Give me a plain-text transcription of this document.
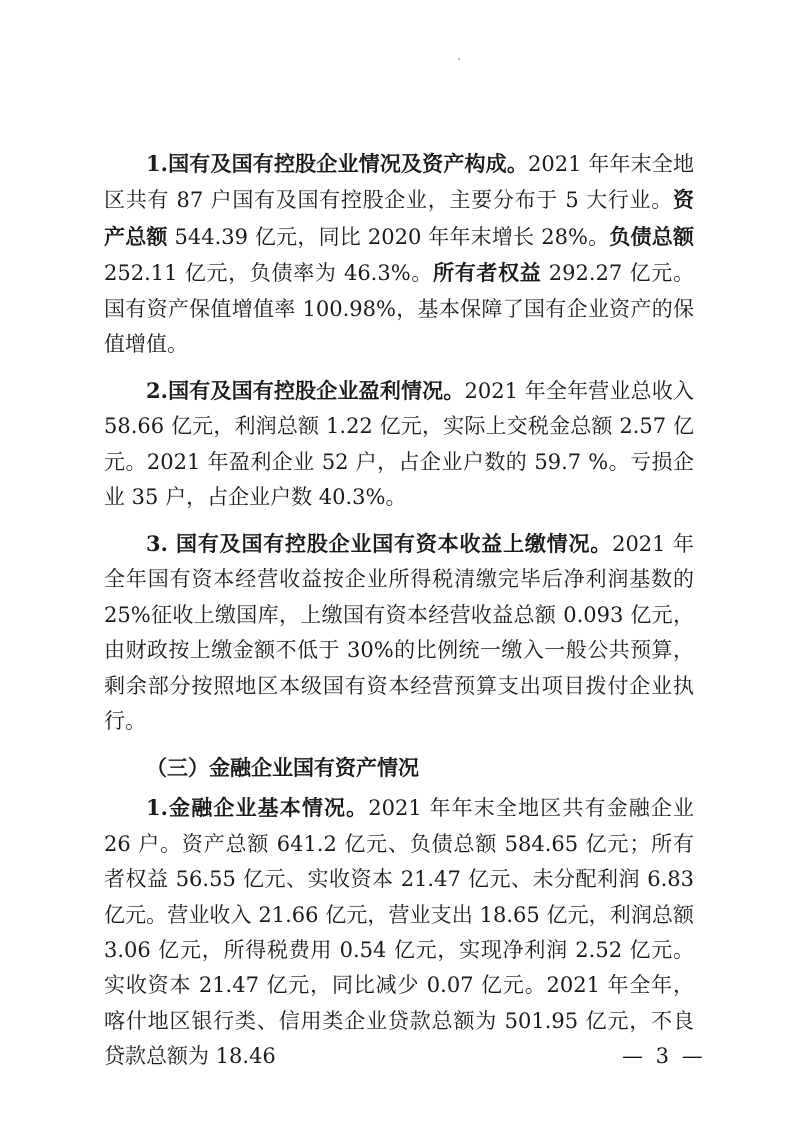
1.国有及国有控股企业情况及资产构成。2021 年年末全地区共有 87 户国有及国有控股企业，主要分布于 5 大行业。资产总额 544.39 亿元，同比 2020 年年末增长 28%。负债总额 252.11 亿元，负债率为 46.3%。所有者权益 292.27 亿元。国有资产保值增值率 100.98%，基本保障了国有企业资产的保值增值。

2.国有及国有控股企业盈利情况。2021 年全年营业总收入 58.66 亿元，利润总额 1.22 亿元，实际上交税金总额 2.57 亿元。2021 年盈利企业 52 户，占企业户数的 59.7 %。亏损企业 35 户，占企业户数 40.3%。

3. 国有及国有控股企业国有资本收益上缴情况。2021 年全年国有资本经营收益按企业所得税清缴完毕后净利润基数的 25%征收上缴国库，上缴国有资本经营收益总额 0.093 亿元，由财政按上缴金额不低于 30%的比例统一缴入一般公共预算，剩余部分按照地区本级国有资本经营预算支出项目拨付企业执行。

（三）金融企业国有资产情况

1.金融企业基本情况。2021 年年末全地区共有金融企业 26 户。资产总额 641.2 亿元、负债总额 584.65 亿元；所有者权益 56.55 亿元、实收资本 21.47 亿元、未分配利润 6.83 亿元。营业收入 21.66 亿元，营业支出 18.65 亿元，利润总额 3.06 亿元，所得税费用 0.54 亿元，实现净利润 2.52 亿元。实收资本 21.47 亿元，同比减少 0.07 亿元。2021 年全年，喀什地区银行类、信用类企业贷款总额为 501.95 亿元，不良贷款总额为 18.46	— 3 —
